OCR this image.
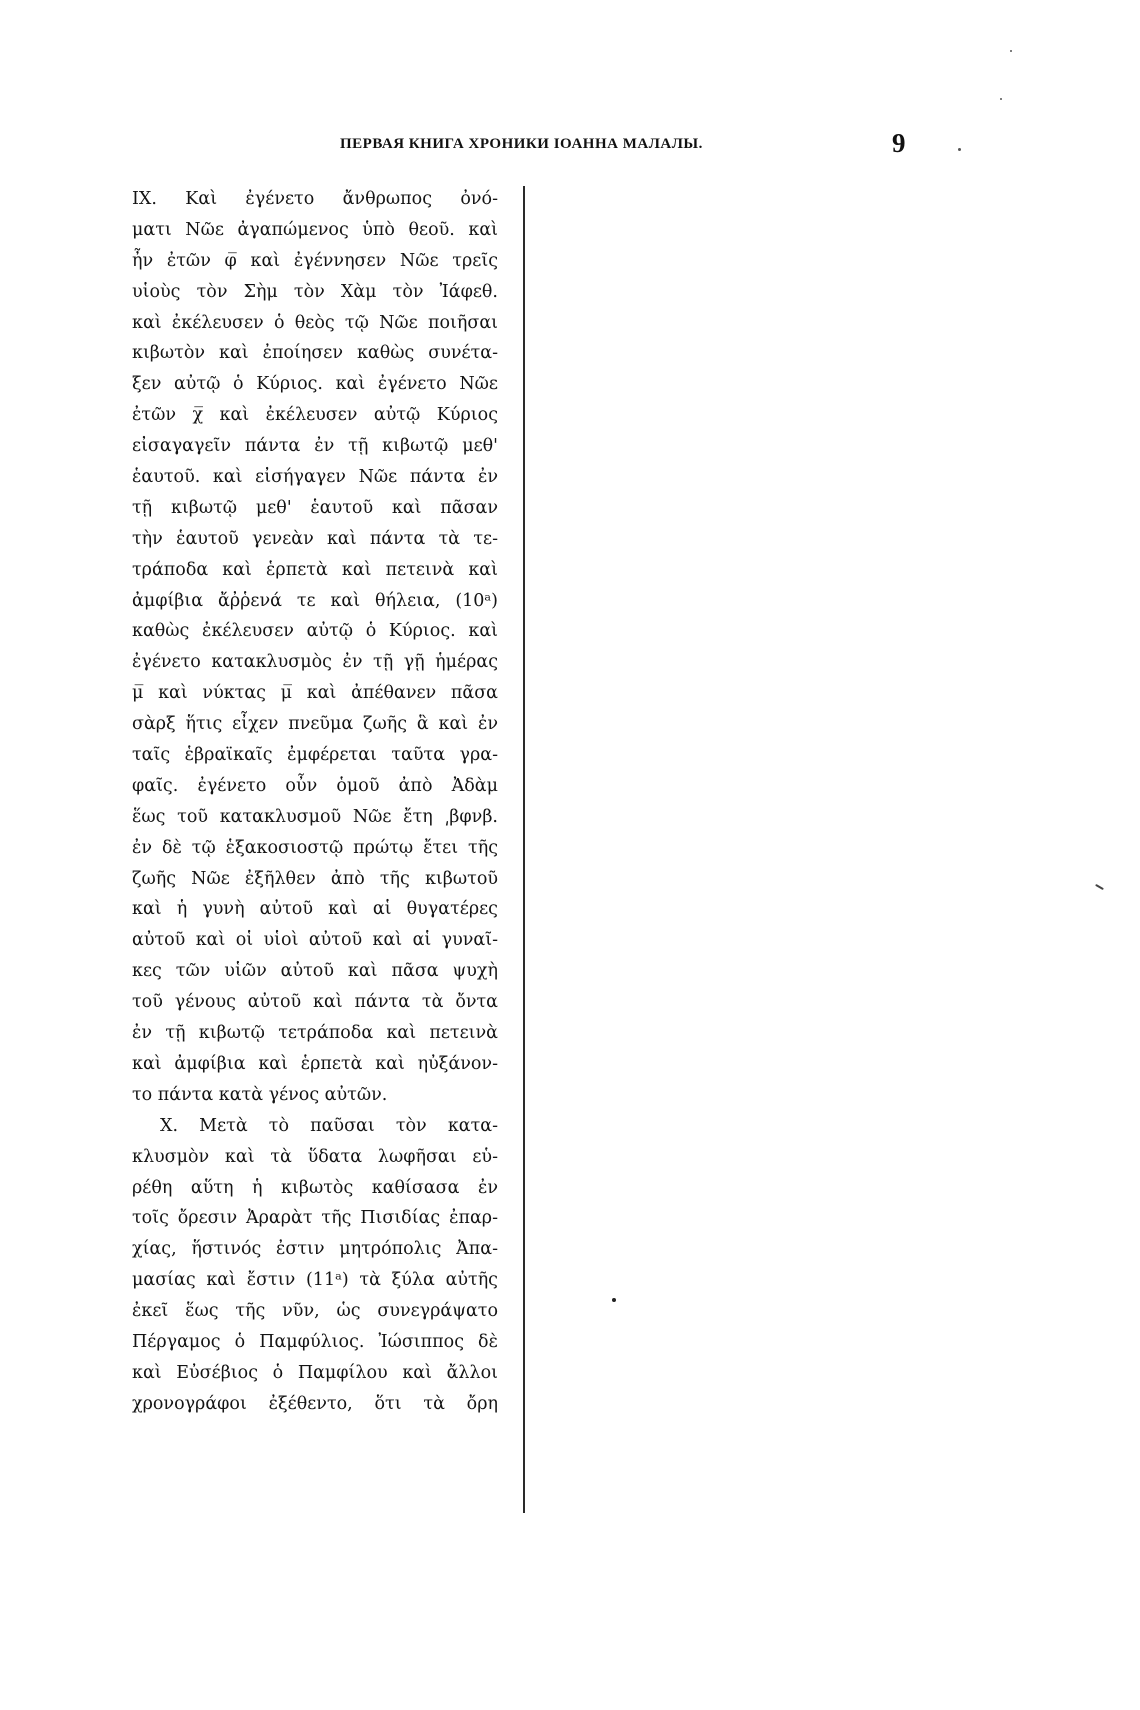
ПЕРВАЯ КНИГА ХРОНИКИ ІОАННА МАЛАЛЫ.	9
IX. Καὶ ἐγένετο ἄνθρωπος ὀνό-
ματι Νῶε ἀγαπώμενος ὑπὸ θεοῦ. καὶ
ἦν ἐτῶν φ̅ καὶ ἐγέννησεν Νῶε τρεῖς
υἱοὺς τὸν Σὴμ τὸν Χὰμ τὸν Ἰάφεθ.
καὶ ἐκέλευσεν ὁ θεὸς τῷ Νῶε ποιῆσαι
κιβωτὸν καὶ ἐποίησεν καθὼς συνέτα-
ξεν αὐτῷ ὁ Κύριος. καὶ ἐγένετο Νῶε
ἐτῶν χ̅ καὶ ἐκέλευσεν αὐτῷ Κύριος
εἰσαγαγεῖν πάντα ἐν τῇ κιβωτῷ μεθ'
ἑαυτοῦ. καὶ εἰσήγαγεν Νῶε πάντα ἐν
τῇ κιβωτῷ μεθ' ἑαυτοῦ καὶ πᾶσαν
τὴν ἑαυτοῦ γενεὰν καὶ πάντα τὰ τε-
τράποδα καὶ ἑρπετὰ καὶ πετεινὰ καὶ
ἀμφίβια ἄῤῥενά τε καὶ θήλεια, (10ᵃ)
καθὼς ἐκέλευσεν αὐτῷ ὁ Κύριος. καὶ
ἐγένετο κατακλυσμὸς ἐν τῇ γῇ ἡμέρας
μ̅ καὶ νύκτας μ̅ καὶ ἀπέθανεν πᾶσα
σὰρξ ἥτις εἶχεν πνεῦμα ζωῆς ἃ καὶ ἐν
ταῖς ἑβραϊκαῖς ἐμφέρεται ταῦτα γρα-
φαῖς. ἐγένετο οὖν ὁμοῦ ἀπὸ Ἀδὰμ
ἕως τοῦ κατακλυσμοῦ Νῶε ἔτη ͵βφνβ.
ἐν δὲ τῷ ἑξακοσιοστῷ πρώτῳ ἔτει τῆς
ζωῆς Νῶε ἐξῆλθεν ἀπὸ τῆς κιβωτοῦ
καὶ ἡ γυνὴ αὐτοῦ καὶ αἱ θυγατέρες
αὐτοῦ καὶ οἱ υἱοὶ αὐτοῦ καὶ αἱ γυναῖ-
κες τῶν υἱῶν αὐτοῦ καὶ πᾶσα ψυχὴ
τοῦ γένους αὐτοῦ καὶ πάντα τὰ ὄντα
ἐν τῇ κιβωτῷ τετράποδα καὶ πετεινὰ
καὶ ἀμφίβια καὶ ἑρπετὰ καὶ ηὐξάνον-
το πάντα κατὰ γένος αὐτῶν.
X. Μετὰ τὸ παῦσαι τὸν κατα-
κλυσμὸν καὶ τὰ ὕδατα λωφῆσαι εὑ-
ρέθη αὕτη ἡ κιβωτὸς καθίσασα ἐν
τοῖς ὄρεσιν Ἀραρὰτ τῆς Πισιδίας ἐπαρ-
χίας, ἥστινός ἐστιν μητρόπολις Ἀπα-
μασίας καὶ ἔστιν (11ᵃ) τὰ ξύλα αὐτῆς
ἐκεῖ ἕως τῆς νῦν, ὡς συνεγράψατο
Πέργαμος ὁ Παμφύλιος. Ἰώσιππος δὲ
καὶ Εὐσέβιος ὁ Παμφίλου καὶ ἄλλοι
χρονογράφοι ἐξέθεντο, ὅτι τὰ ὄρη
